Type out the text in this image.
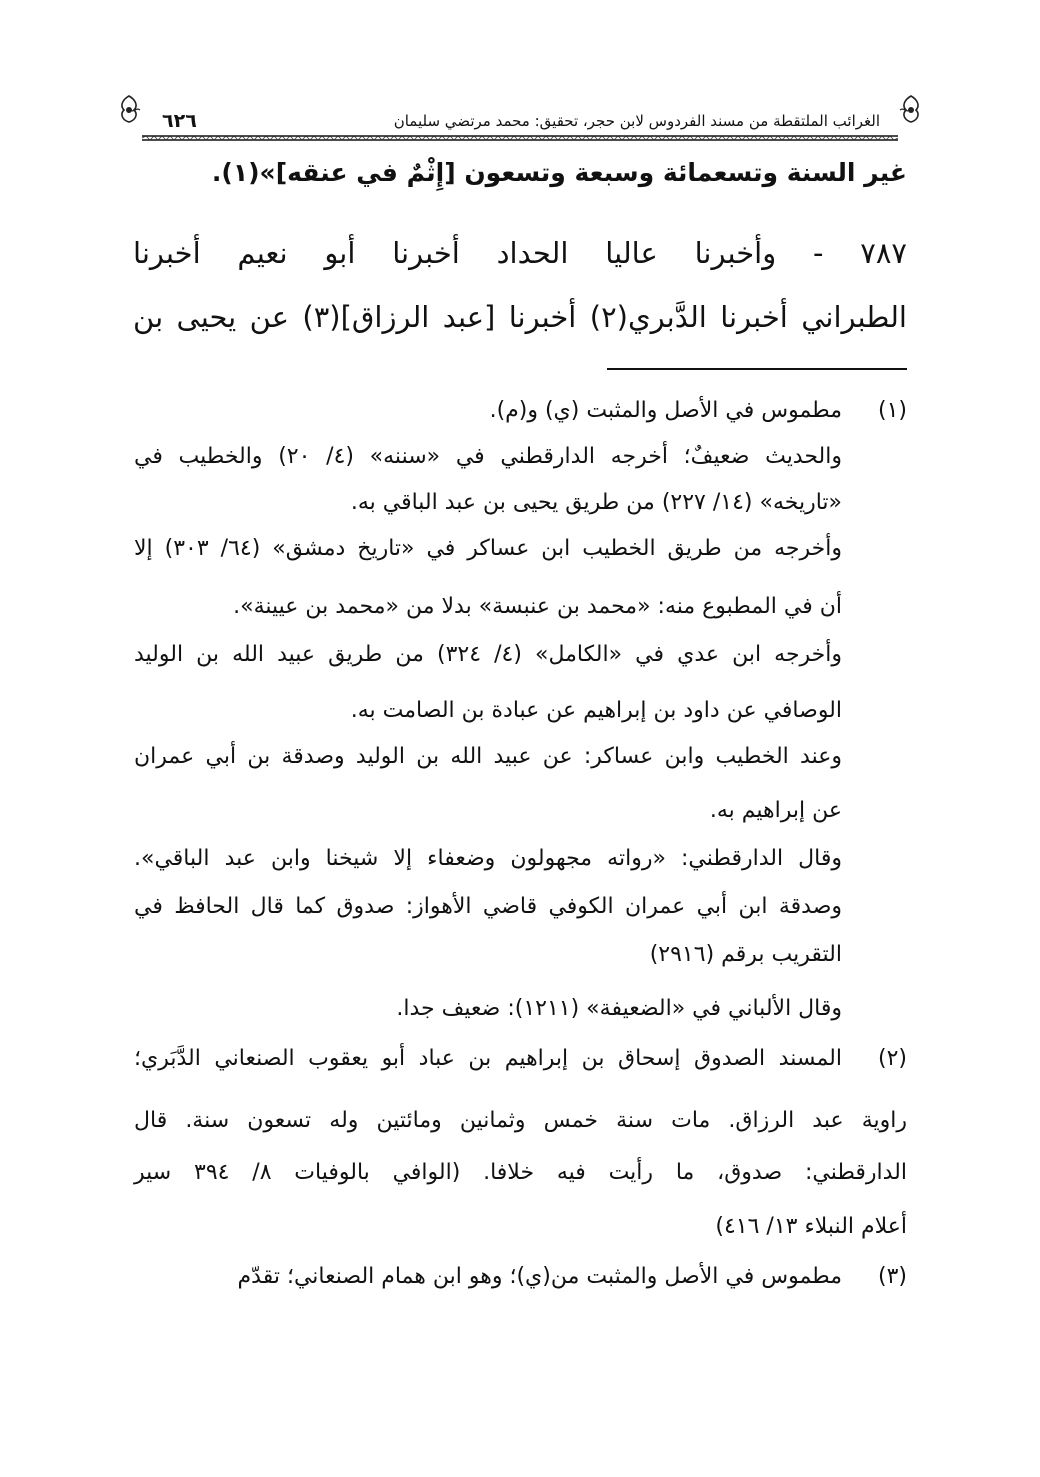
٦٢٦	الغرائب الملتقطة من مسند الفردوس لابن حجر، تحقيق: محمد مرتضي سليمان
غير السنة وتسعمائة وسبعة وتسعون [إِثْمٌ في عنقه]»(١).
٧٨٧ - وأخبرنا عاليا الحداد أخبرنا أبو نعيم أخبرنا
الطبراني أخبرنا الدَّبري(٢) أخبرنا [عبد الرزاق](٣) عن يحيى بن
(١)
مطموس في الأصل والمثبت (ي) و(م).
والحديث ضعيفٌ؛ أخرجه الدارقطني في «سننه» (٤/ ٢٠) والخطيب في
«تاريخه» (١٤/ ٢٢٧) من طريق يحيى بن عبد الباقي به.
وأخرجه من طريق الخطيب ابن عساكر في «تاريخ دمشق» (٦٤/ ٣٠٣) إلا
أن في المطبوع منه: «محمد بن عنبسة» بدلا من «محمد بن عيينة».
وأخرجه ابن عدي في «الكامل» (٤/ ٣٢٤) من طريق عبيد الله بن الوليد
الوصافي عن داود بن إبراهيم عن عبادة بن الصامت به.
وعند الخطيب وابن عساكر: عن عبيد الله بن الوليد وصدقة بن أبي عمران
عن إبراهيم به.
وقال الدارقطني: «رواته مجهولون وضعفاء إلا شيخنا وابن عبد الباقي».
وصدقة ابن أبي عمران الكوفي قاضي الأهواز: صدوق كما قال الحافظ في
التقريب برقم (٢٩١٦)
وقال الألباني في «الضعيفة» (١٢١١): ضعيف جدا.
(٢)
المسند الصدوق إسحاق بن إبراهيم بن عباد أبو يعقوب الصنعاني الدَّبَري؛
راوية عبد الرزاق. مات سنة خمس وثمانين ومائتين وله تسعون سنة. قال
الدارقطني: صدوق، ما رأيت فيه خلافا. (الوافي بالوفيات ٨/ ٣٩٤ سير
أعلام النبلاء ١٣/ ٤١٦)
(٣)
مطموس في الأصل والمثبت من(ي)؛ وهو ابن همام الصنعاني؛ تقدّم
